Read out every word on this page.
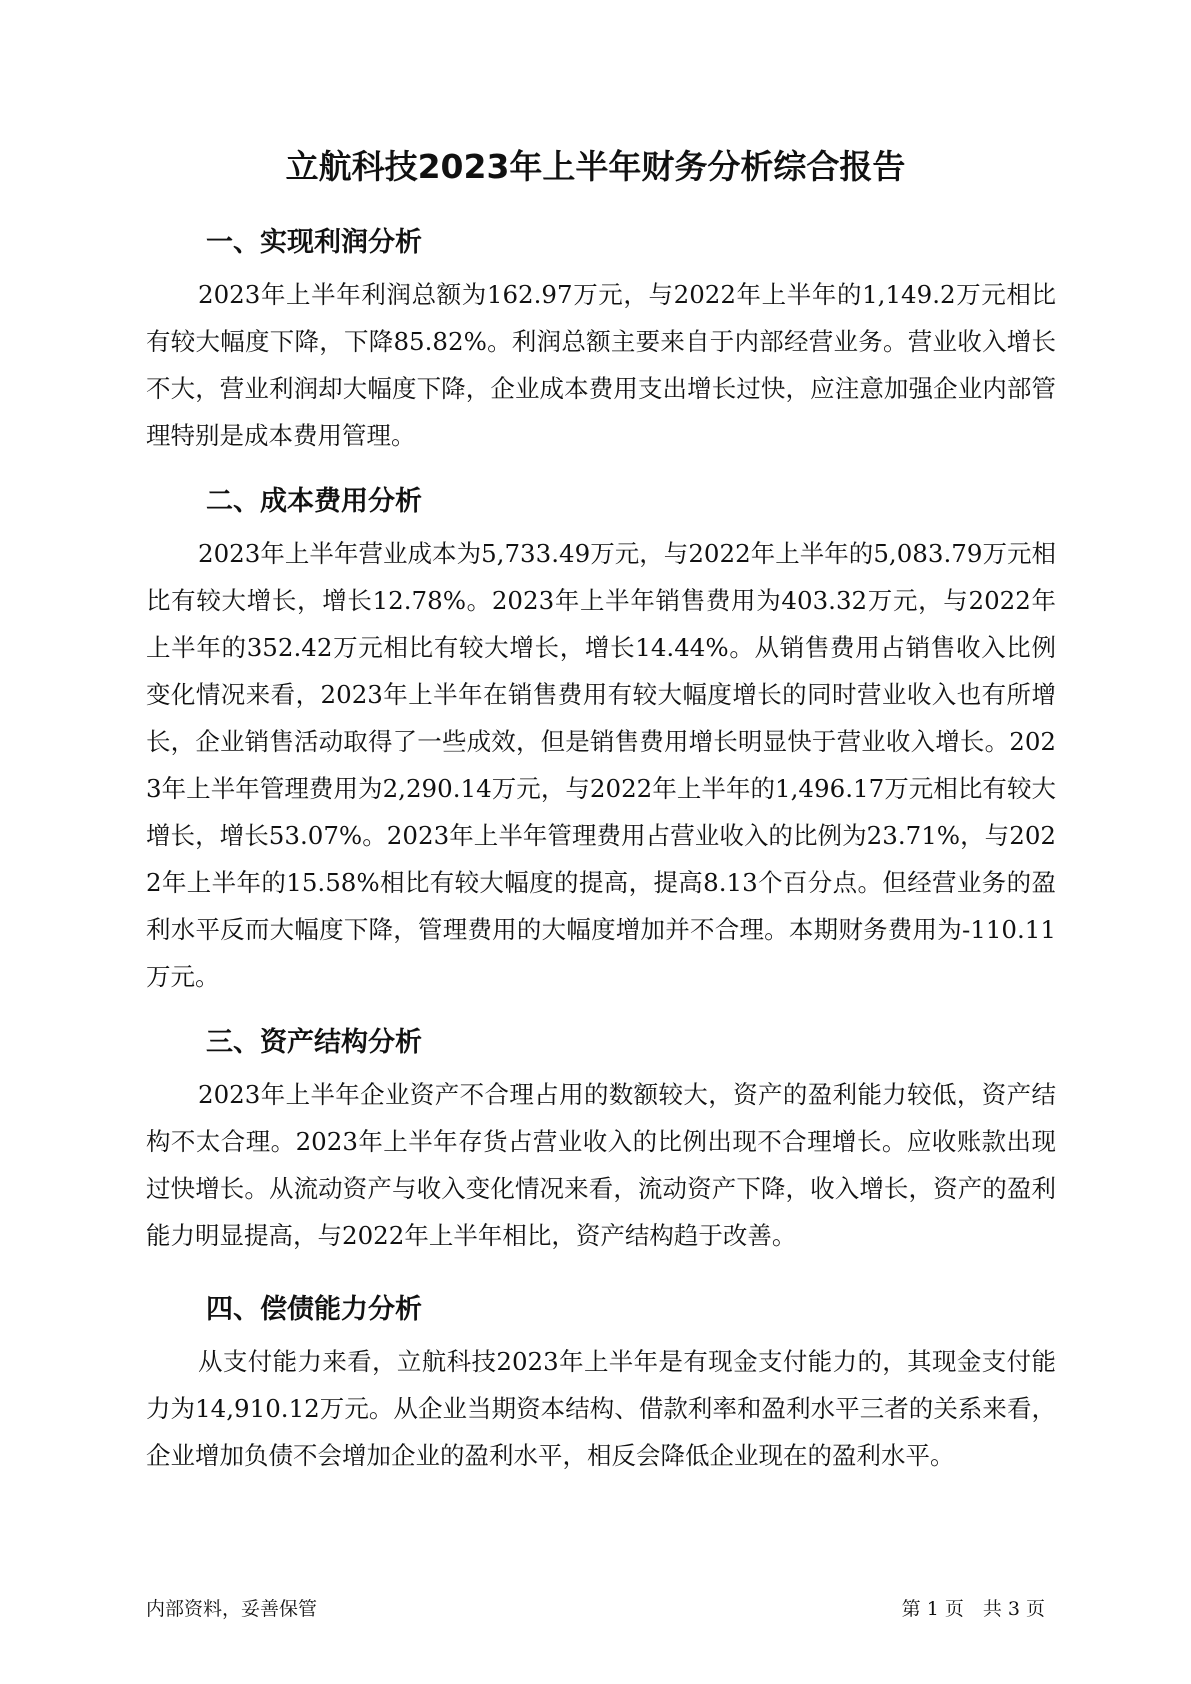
立航科技2023年上半年财务分析综合报告
一、实现利润分析

2023年上半年利润总额为162.97万元，与2022年上半年的1,149.2万元相比有较大幅度下降，下降85.82%。利润总额主要来自于内部经营业务。营业收入增长不大，营业利润却大幅度下降，企业成本费用支出增长过快，应注意加强企业内部管理特别是成本费用管理。

二、成本费用分析

2023年上半年营业成本为5,733.49万元，与2022年上半年的5,083.79万元相比有较大增长，增长12.78%。2023年上半年销售费用为403.32万元，与2022年上半年的352.42万元相比有较大增长，增长14.44%。从销售费用占销售收入比例变化情况来看，2023年上半年在销售费用有较大幅度增长的同时营业收入也有所增长，企业销售活动取得了一些成效，但是销售费用增长明显快于营业收入增长。2023年上半年管理费用为2,290.14万元，与2022年上半年的1,496.17万元相比有较大增长，增长53.07%。2023年上半年管理费用占营业收入的比例为23.71%，与2022年上半年的15.58%相比有较大幅度的提高，提高8.13个百分点。但经营业务的盈利水平反而大幅度下降，管理费用的大幅度增加并不合理。本期财务费用为-110.11万元。

三、资产结构分析

2023年上半年企业资产不合理占用的数额较大，资产的盈利能力较低，资产结构不太合理。2023年上半年存货占营业收入的比例出现不合理增长。应收账款出现过快增长。从流动资产与收入变化情况来看，流动资产下降，收入增长，资产的盈利能力明显提高，与2022年上半年相比，资产结构趋于改善。

四、偿债能力分析

从支付能力来看，立航科技2023年上半年是有现金支付能力的，其现金支付能力为14,910.12万元。从企业当期资本结构、借款利率和盈利水平三者的关系来看，企业增加负债不会增加企业的盈利水平，相反会降低企业现在的盈利水平。

内部资料，妥善保管	第 1 页　共 3 页
